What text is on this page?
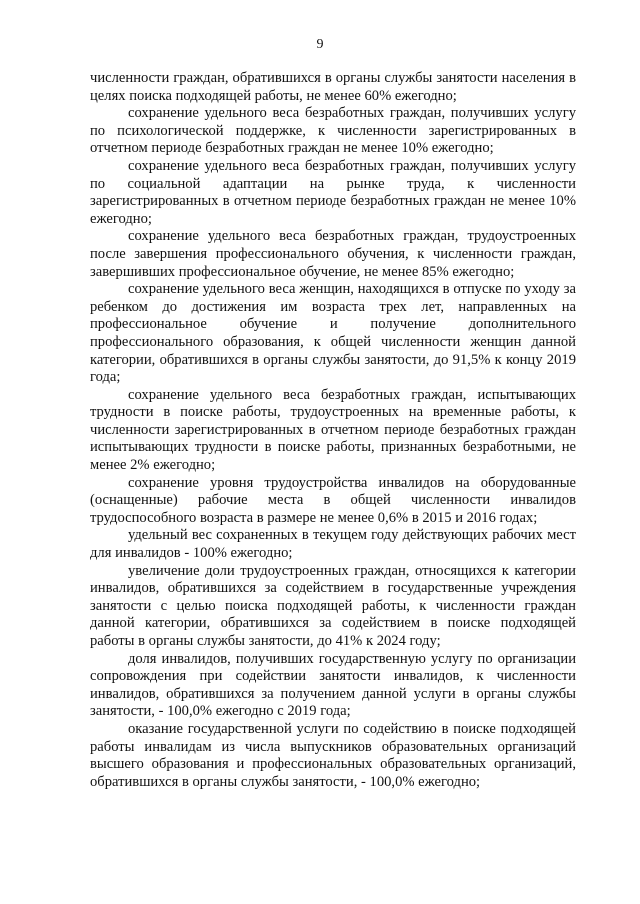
9

численности граждан, обратившихся в органы службы занятости населения в целях поиска подходящей работы, не менее 60% ежегодно;

сохранение удельного веса безработных граждан, получивших услугу по психологической поддержке, к численности зарегистрированных в отчетном периоде безработных граждан не менее 10% ежегодно;

сохранение удельного веса безработных граждан, получивших услугу по социальной адаптации на рынке труда, к численности зарегистрированных в отчетном периоде безработных граждан не менее 10% ежегодно;

сохранение удельного веса безработных граждан, трудоустроенных после завершения профессионального обучения, к численности граждан, завершивших профессиональное обучение, не менее 85% ежегодно;

сохранение удельного веса женщин, находящихся в отпуске по уходу за ребенком до достижения им возраста трех лет, направленных на профессиональное обучение и получение дополнительного профессионального образования, к общей численности женщин данной категории, обратившихся в органы службы занятости, до 91,5% к концу 2019 года;

сохранение удельного веса безработных граждан, испытывающих трудности в поиске работы, трудоустроенных на временные работы, к численности зарегистрированных в отчетном периоде безработных граждан испытывающих трудности в поиске работы, признанных безработными, не менее 2% ежегодно;

сохранение уровня трудоустройства инвалидов на оборудованные (оснащенные) рабочие места в общей численности инвалидов трудоспособного возраста в размере не менее 0,6% в 2015 и 2016 годах;

удельный вес сохраненных в текущем году действующих рабочих мест для инвалидов - 100% ежегодно;

увеличение доли трудоустроенных граждан, относящихся к категории инвалидов, обратившихся за содействием в государственные учреждения занятости с целью поиска подходящей работы, к численности граждан данной категории, обратившихся за содействием в поиске подходящей работы в органы службы занятости, до 41% к 2024 году;

доля инвалидов, получивших государственную услугу по организации сопровождения при содействии занятости инвалидов, к численности инвалидов, обратившихся за получением данной услуги в органы службы занятости, - 100,0% ежегодно с 2019 года;

оказание государственной услуги по содействию в поиске подходящей работы инвалидам из числа выпускников образовательных организаций высшего образования и профессиональных образовательных организаций, обратившихся в органы службы занятости, - 100,0% ежегодно;
